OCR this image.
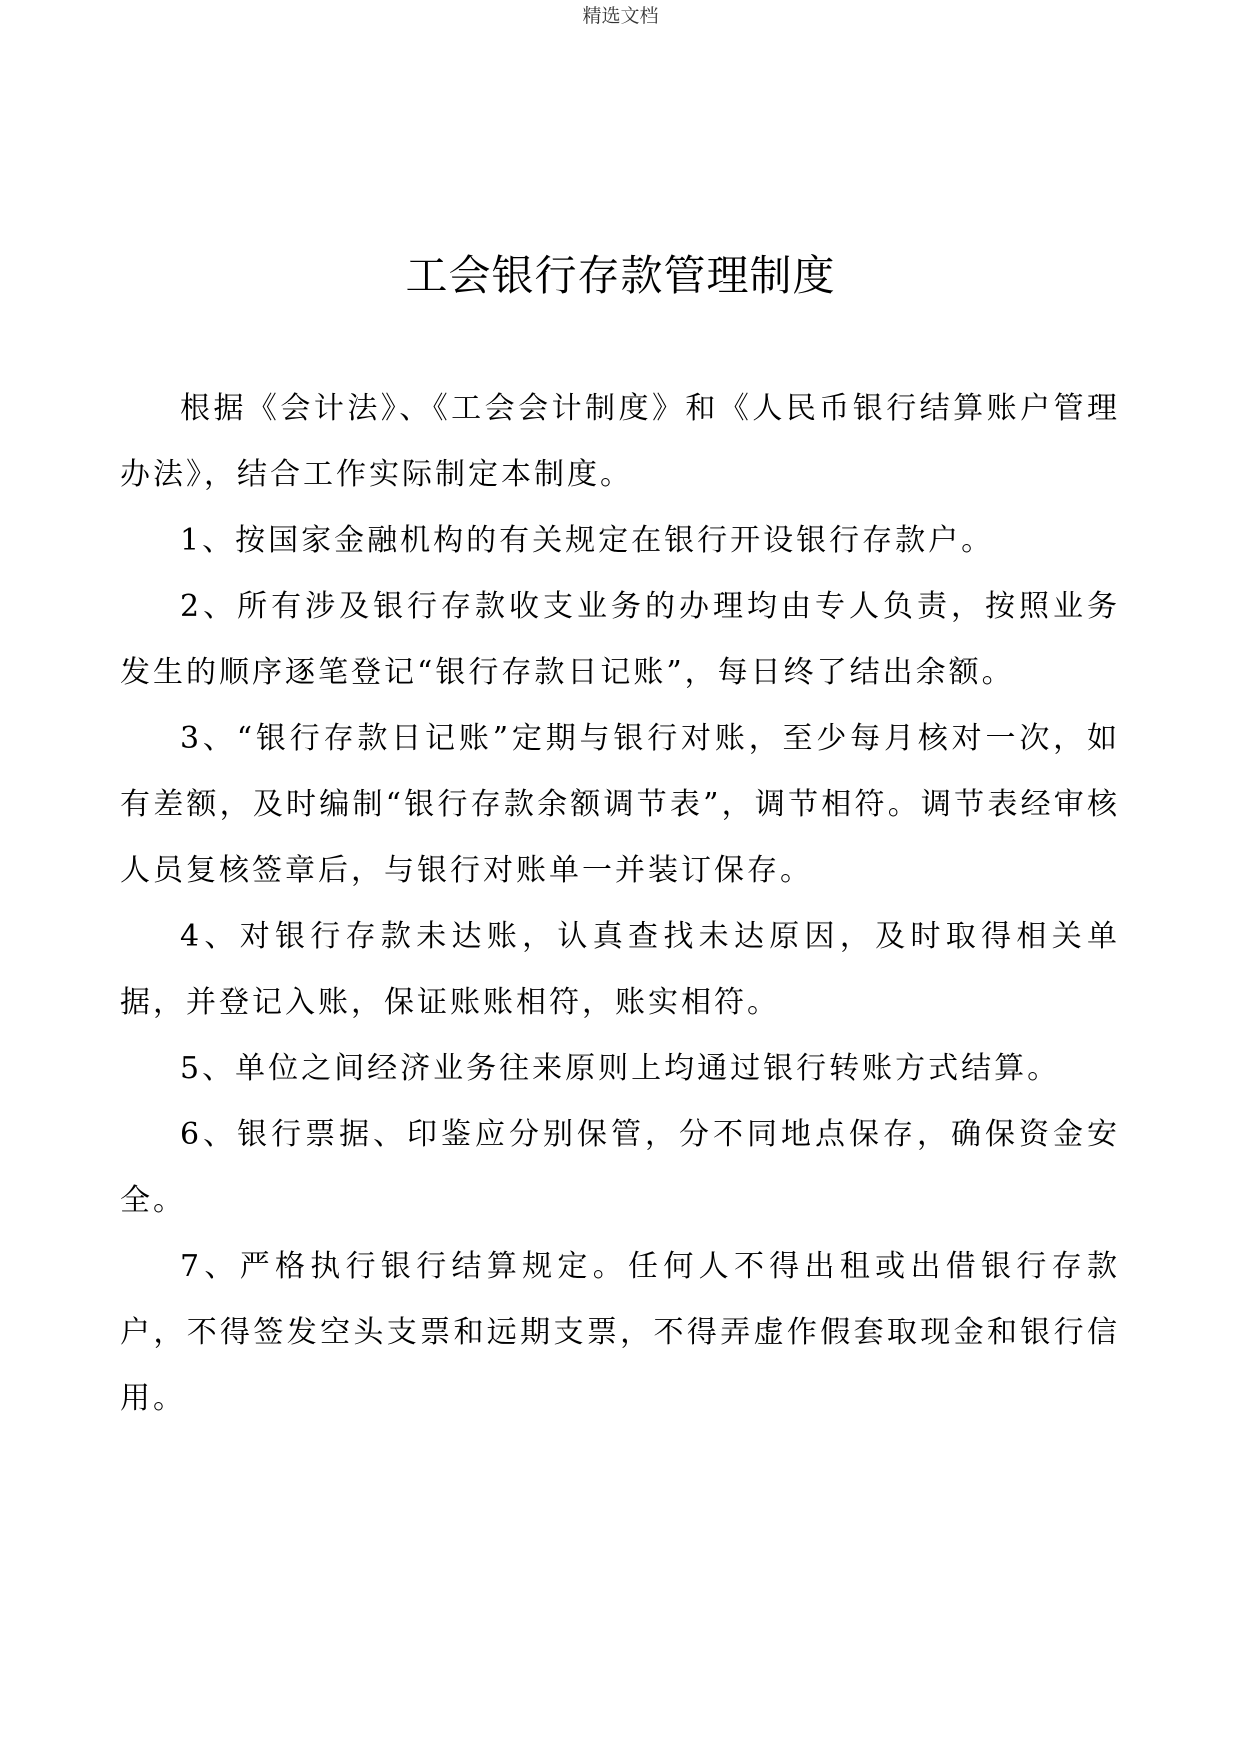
精选文档
工会银行存款管理制度

根据《会计法》、《工会会计制度》和《人民币银行结算账户管理办法》，结合工作实际制定本制度。

1、按国家金融机构的有关规定在银行开设银行存款户。

2、所有涉及银行存款收支业务的办理均由专人负责，按照业务发生的顺序逐笔登记“银行存款日记账”，每日终了结出余额。

3、“银行存款日记账”定期与银行对账，至少每月核对一次，如有差额，及时编制“银行存款余额调节表”，调节相符。调节表经审核人员复核签章后，与银行对账单一并装订保存。

4、对银行存款未达账，认真查找未达原因，及时取得相关单据，并登记入账，保证账账相符，账实相符。

5、单位之间经济业务往来原则上均通过银行转账方式结算。

6、银行票据、印鉴应分别保管，分不同地点保存，确保资金安全。

7、严格执行银行结算规定。任何人不得出租或出借银行存款户，不得签发空头支票和远期支票，不得弄虚作假套取现金和银行信用。
